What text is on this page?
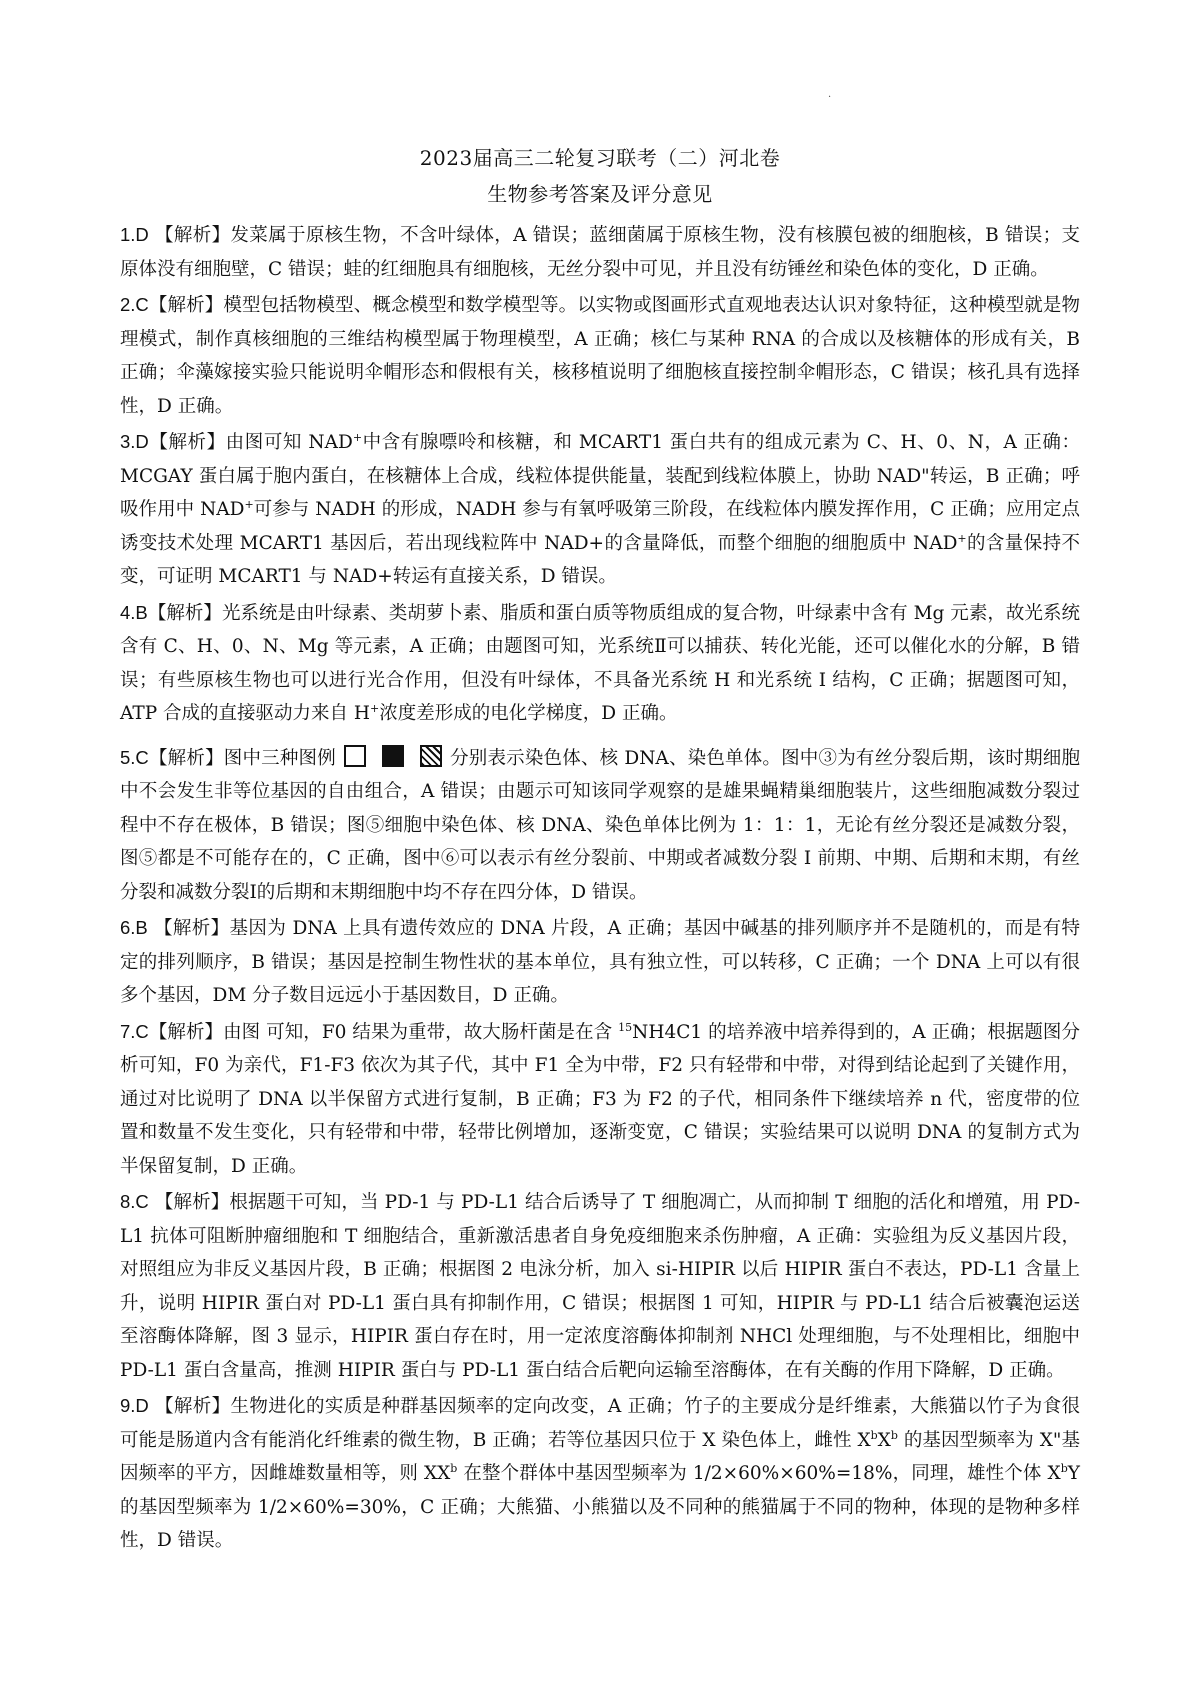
·
2023届高三二轮复习联考（二）河北卷
生物参考答案及评分意见

1.D 【解析】发菜属于原核生物，不含叶绿体，A 错误；蓝细菌属于原核生物，没有核膜包被的细胞核，B 错误；支原体没有细胞壁，C 错误；蛙的红细胞具有细胞核，无丝分裂中可见，并且没有纺锤丝和染色体的变化，D 正确。

2.C【解析】模型包括物模型、概念模型和数学模型等。以实物或图画形式直观地表达认识对象特征，这种模型就是物理模式，制作真核细胞的三维结构模型属于物理模型，A 正确；核仁与某种 RNA 的合成以及核糖体的形成有关，B 正确；伞藻嫁接实验只能说明伞帽形态和假根有关，核移植说明了细胞核直接控制伞帽形态，C 错误；核孔具有选择性，D 正确。

3.D【解析】由图可知 NAD+中含有腺嘌呤和核糖，和 MCART1 蛋白共有的组成元素为 C、H、0、N，A 正确：MCGAY 蛋白属于胞内蛋白，在核糖体上合成，线粒体提供能量，装配到线粒体膜上，协助 NAD"转运，B 正确；呼吸作用中 NAD+可参与 NADH 的形成，NADH 参与有氧呼吸第三阶段，在线粒体内膜发挥作用，C 正确；应用定点诱变技术处理 MCART1 基因后，若出现线粒阵中 NAD+的含量降低，而整个细胞的细胞质中 NAD+的含量保持不变，可证明 MCART1 与 NAD+转运有直接关系，D 错误。

4.B【解析】光系统是由叶绿素、类胡萝卜素、脂质和蛋白质等物质组成的复合物，叶绿素中含有 Mg 元素，故光系统含有 C、H、0、N、Mg 等元素，A 正确；由题图可知，光系统Ⅱ可以捕获、转化光能，还可以催化水的分解，B 错误；有些原核生物也可以进行光合作用，但没有叶绿体，不具备光系统 H 和光系统 I 结构，C 正确；据题图可知，ATP 合成的直接驱动力来自 H+浓度差形成的电化学梯度，D 正确。

5.C【解析】图中三种图例	分别表示染色体、核 DNA、染色单体。图中③为有丝分裂后期，该时期细胞中不会发生非等位基因的自由组合，A 错误；由题示可知该同学观察的是雄果蝇精巢细胞装片，这些细胞减数分裂过程中不存在极体，B 错误；图⑤细胞中染色体、核 DNA、染色单体比例为 1：1：1，无论有丝分裂还是减数分裂，图⑤都是不可能存在的，C 正确，图中⑥可以表示有丝分裂前、中期或者减数分裂 I 前期、中期、后期和末期，有丝分裂和减数分裂Ⅰ的后期和末期细胞中均不存在四分体，D 错误。

6.B 【解析】基因为 DNA 上具有遗传效应的 DNA 片段，A 正确；基因中碱基的排列顺序并不是随机的，而是有特定的排列顺序，B 错误；基因是控制生物性状的基本单位，具有独立性，可以转移，C 正确；一个 DNA 上可以有很多个基因，DM 分子数目远远小于基因数目，D 正确。

7.C【解析】由图 可知，F0 结果为重带，故大肠杆菌是在含 $^{15}$NH4C1 的培养液中培养得到的，A 正确；根据题图分析可知，F0 为亲代，F1-F3 依次为其子代，其中 F1 全为中带，F2 只有轻带和中带，对得到结论起到了关键作用，通过对比说明了 DNA 以半保留方式进行复制，B 正确；F3 为 F2 的子代，相同条件下继续培养 n 代，密度带的位置和数量不发生变化，只有轻带和中带，轻带比例增加，逐渐变宽，C 错误；实验结果可以说明 DNA 的复制方式为半保留复制，D 正确。

8.C 【解析】根据题干可知，当 PD-1 与 PD-L1 结合后诱导了 T 细胞凋亡，从而抑制 T 细胞的活化和增殖，用 PD-L1 抗体可阻断肿瘤细胞和 T 细胞结合，重新激活患者自身免疫细胞来杀伤肿瘤，A 正确：实验组为反义基因片段，对照组应为非反义基因片段，B 正确；根据图 2 电泳分析，加入 si-HIPIR 以后 HIPIR 蛋白不表达，PD-L1 含量上升，说明 HIPIR 蛋白对 PD-L1 蛋白具有抑制作用，C 错误；根据图 1 可知，HIPIR 与 PD-L1 结合后被囊泡运送至溶酶体降解，图 3 显示，HIPIR 蛋白存在时，用一定浓度溶酶体抑制剂 NHCl 处理细胞，与不处理相比，细胞中 PD-L1 蛋白含量高，推测 HIPIR 蛋白与 PD-L1 蛋白结合后靶向运输至溶酶体，在有关酶的作用下降解，D 正确。

9.D 【解析】生物进化的实质是种群基因频率的定向改变，A 正确；竹子的主要成分是纤维素，大熊猫以竹子为食很可能是肠道内含有能消化纤维素的微生物，B 正确；若等位基因只位于 X 染色体上，雌性 $X^bX^b$ 的基因型频率为 X"基因频率的平方，因雌雄数量相等，则 $XX^b$ 在整个群体中基因型频率为 1/2×60%×60%=18%，同理，雄性个体 $X^bY$ 的基因型频率为 1/2×60%=30%，C 正确；大熊猫、小熊猫以及不同种的熊猫属于不同的物种，体现的是物种多样性，D 错误。
